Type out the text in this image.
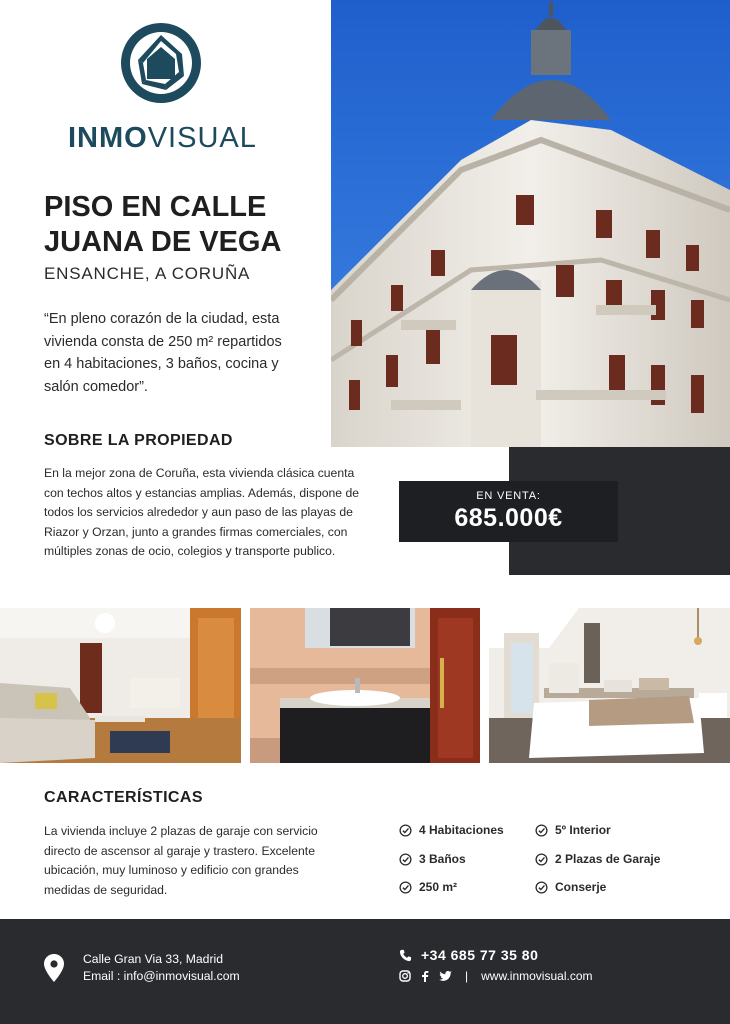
INMOVISUAL
PISO EN CALLE JUANA DE VEGA
ENSANCHE, A CORUÑA

“En pleno corazón de la ciudad, esta vivienda consta de 250 m² repartidos en 4 habitaciones, 3 baños, cocina y salón comedor”.

SOBRE LA PROPIEDAD

En la mejor zona de Coruña, esta vivienda clásica cuenta con techos altos y estancias amplias. Además, dispone de todos los servicios alrededor y aun paso de las playas de Riazor y Orzan, junto a grandes firmas comerciales, con múltiples zonas de ocio, colegios y transporte publico.

EN VENTA:
685.000€
CARACTERÍSTICAS

La vivienda incluye 2 plazas de garaje con servicio directo de ascensor al garaje y trastero. Excelente ubicación, muy luminoso y edificio con grandes medidas de seguridad.

4 Habitaciones	5º Interior
3 Baños	2 Plazas de Garaje
250 m²	Conserje
Calle Gran Via 33, Madrid
Email : info@inmovisual.com
+34 685 77 35 80
| www.inmovisual.com
